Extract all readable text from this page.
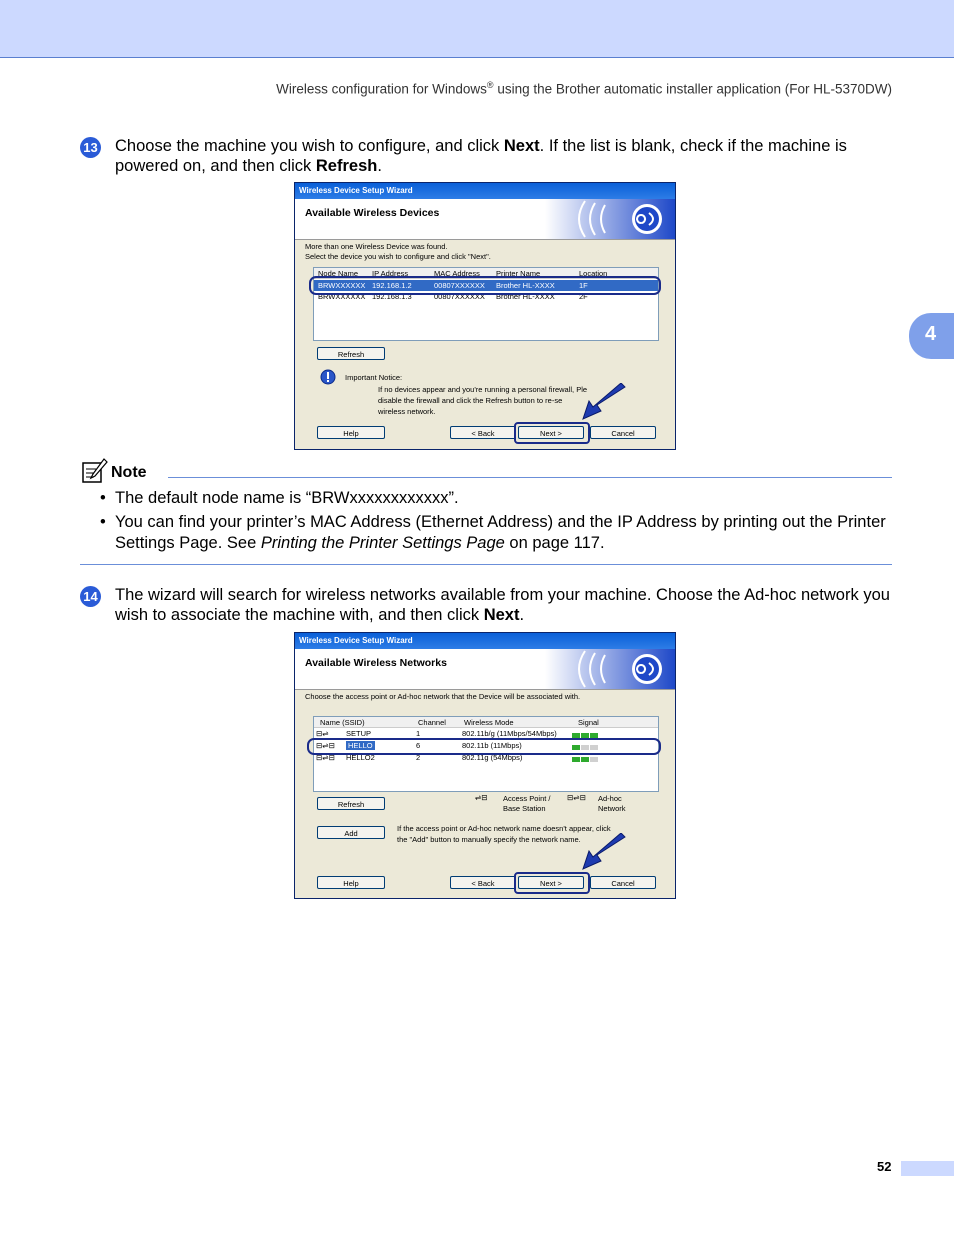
Wireless configuration for Windows® using the Brother automatic installer application (For HL-5370DW)
4
13 Choose the machine you wish to configure, and click Next. If the list is blank, check if the machine is powered on, and then click Refresh.
Wireless Device Setup Wizard
Available Wireless Devices
More than one Wireless Device was found.
Select the device you wish to configure and click "Next".
Node Name IP Address	MAC Address Printer Name	Location
BRWXXXXXX 192.168.1.2	00807XXXXXX Brother HL-XXXX	1F
BRWXXXXXX 192.168.1.3	00807XXXXXX Brother HL-XXXX	2F
Refresh
Important Notice:
If no devices appear and you're running a personal firewall, Ple
disable the firewall and click the Refresh button to re-se
wireless network.
Help	< Back	Next >	Cancel
Note
• The default node name is “BRWxxxxxxxxxxxx”.
• You can find your printer’s MAC Address (Ethernet Address) and the IP Address by printing out the Printer Settings Page. See Printing the Printer Settings Page on page 117.
14 The wizard will search for wireless networks available from your machine. Choose the Ad-hoc network you wish to associate the machine with, and then click Next.
Wireless Device Setup Wizard
Available Wireless Networks
Choose the access point or Ad-hoc network that the Device will be associated with.
Name (SSID)	Channel Wireless Mode	Signal
⊟⇌ SETUP	1	802.11b/g (11Mbps/54Mbps)
⊟⇌⊟ HELLO	6	802.11b (11Mbps)
⊟⇌⊟ HELLO2	2	802.11g (54Mbps)
Refresh
⇌⊟ Access Point /
Base Station
⊟⇌⊟ Ad-hoc
Network
Add
If the access point or Ad-hoc network name doesn't appear, click
the "Add" button to manually specify the network name.
Help	< Back	Next >	Cancel
52
